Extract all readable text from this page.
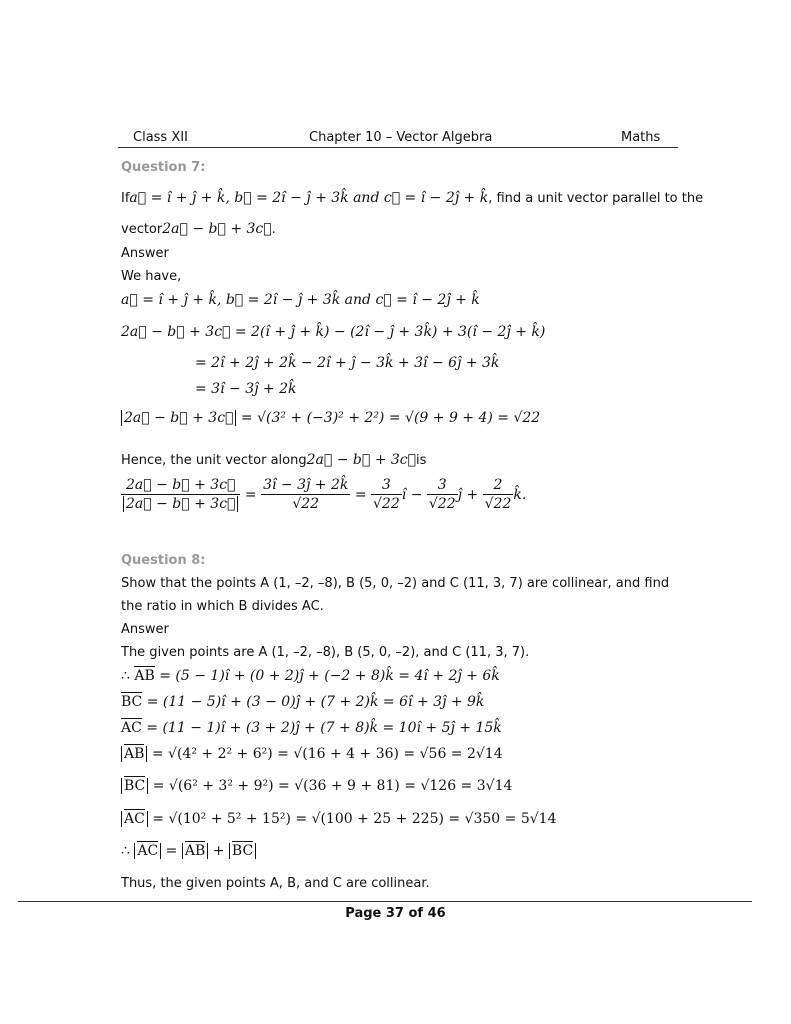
Class XII	Chapter 10 – Vector Algebra	Maths
Question 7:
Ifa⃗ = î + ĵ + k̂, b⃗ = 2î − ĵ + 3k̂ and c⃗ = î − 2ĵ + k̂, find a unit vector parallel to the
vector2a⃗ − b⃗ + 3c⃗.
Answer
We have,
a⃗ = î + ĵ + k̂, b⃗ = 2î − ĵ + 3k̂ and c⃗ = î − 2ĵ + k̂
2a⃗ − b⃗ + 3c⃗ = 2(î + ĵ + k̂) − (2î − ĵ + 3k̂) + 3(î − 2ĵ + k̂)
= 2î + 2ĵ + 2k̂ − 2î + ĵ − 3k̂ + 3î − 6ĵ + 3k̂
= 3î − 3ĵ + 2k̂
2a⃗ − b⃗ + 3c⃗ = √(3² + (−3)² + 2²) = √(9 + 9 + 4) = √22
Hence, the unit vector along2a⃗ − b⃗ + 3c⃗is
$\frac{2a⃗ - b⃗ + 3c⃗}{2a⃗ - b⃗ + 3c⃗} = \frac{3î - 3ĵ + 2k̂}{√22} = \frac{3}{√22}$ î − $\frac{3}{√22}$ ĵ + $\frac{2}{√22}$ k̂.
Question 8:
Show that the points A (1, –2, –8), B (5, 0, –2) and C (11, 3, 7) are collinear, and find
the ratio in which B divides AC.
Answer
The given points are A (1, –2, –8), B (5, 0, –2), and C (11, 3, 7).
∴ AB = (5 − 1)î + (0 + 2)ĵ + (−2 + 8)k̂ = 4î + 2ĵ + 6k̂
BC = (11 − 5)î + (3 − 0)ĵ + (7 + 2)k̂ = 6î + 3ĵ + 9k̂
AC = (11 − 1)î + (3 + 2)ĵ + (7 + 8)k̂ = 10î + 5ĵ + 15k̂
AB = √(4² + 2² + 6²) = √(16 + 4 + 36) = √56 = 2√14
BC = √(6² + 3² + 9²) = √(36 + 9 + 81) = √126 = 3√14
AC = √(10² + 5² + 15²) = √(100 + 25 + 225) = √350 = 5√14
∴ AC = AB + BC
Thus, the given points A, B, and C are collinear.
Page 37 of 46
